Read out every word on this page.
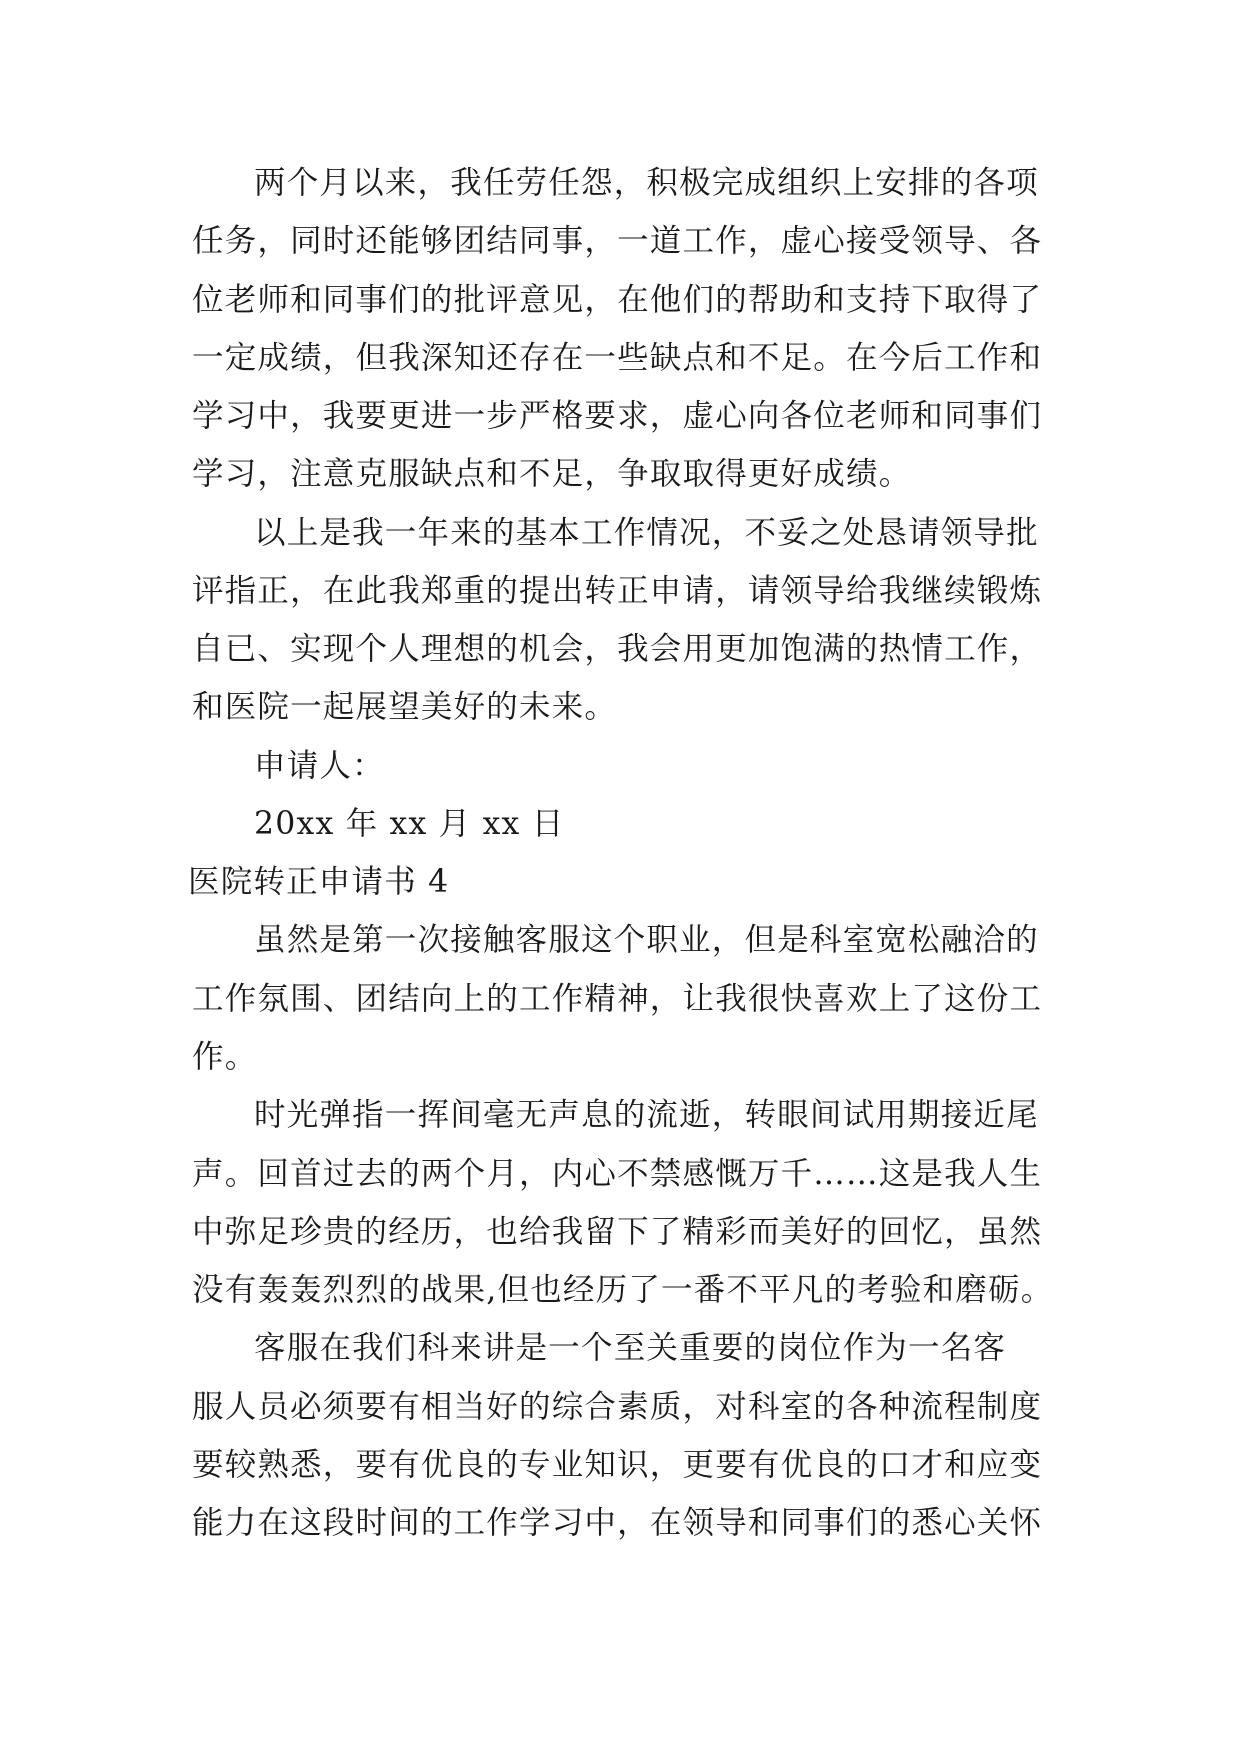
两个月以来，我任劳任怨，积极完成组织上安排的各项
任务，同时还能够团结同事，一道工作，虚心接受领导、各
位老师和同事们的批评意见，在他们的帮助和支持下取得了
一定成绩，但我深知还存在一些缺点和不足。在今后工作和
学习中，我要更进一步严格要求，虚心向各位老师和同事们
学习，注意克服缺点和不足，争取取得更好成绩。
以上是我一年来的基本工作情况，不妥之处恳请领导批
评指正，在此我郑重的提出转正申请，请领导给我继续锻炼
自已、实现个人理想的机会，我会用更加饱满的热情工作，
和医院一起展望美好的未来。
申请人：
20xx 年 xx 月 xx 日
医院转正申请书 4
虽然是第一次接触客服这个职业，但是科室宽松融洽的
工作氛围、团结向上的工作精神，让我很快喜欢上了这份工
作。
时光弹指一挥间毫无声息的流逝，转眼间试用期接近尾
声。回首过去的两个月，内心不禁感慨万千……这是我人生
中弥足珍贵的经历，也给我留下了精彩而美好的回忆，虽然
没有轰轰烈烈的战果,但也经历了一番不平凡的考验和磨砺。
客服在我们科来讲是一个至关重要的岗位作为一名客
服人员必须要有相当好的综合素质，对科室的各种流程制度
要较熟悉，要有优良的专业知识，更要有优良的口才和应变
能力在这段时间的工作学习中，在领导和同事们的悉心关怀
